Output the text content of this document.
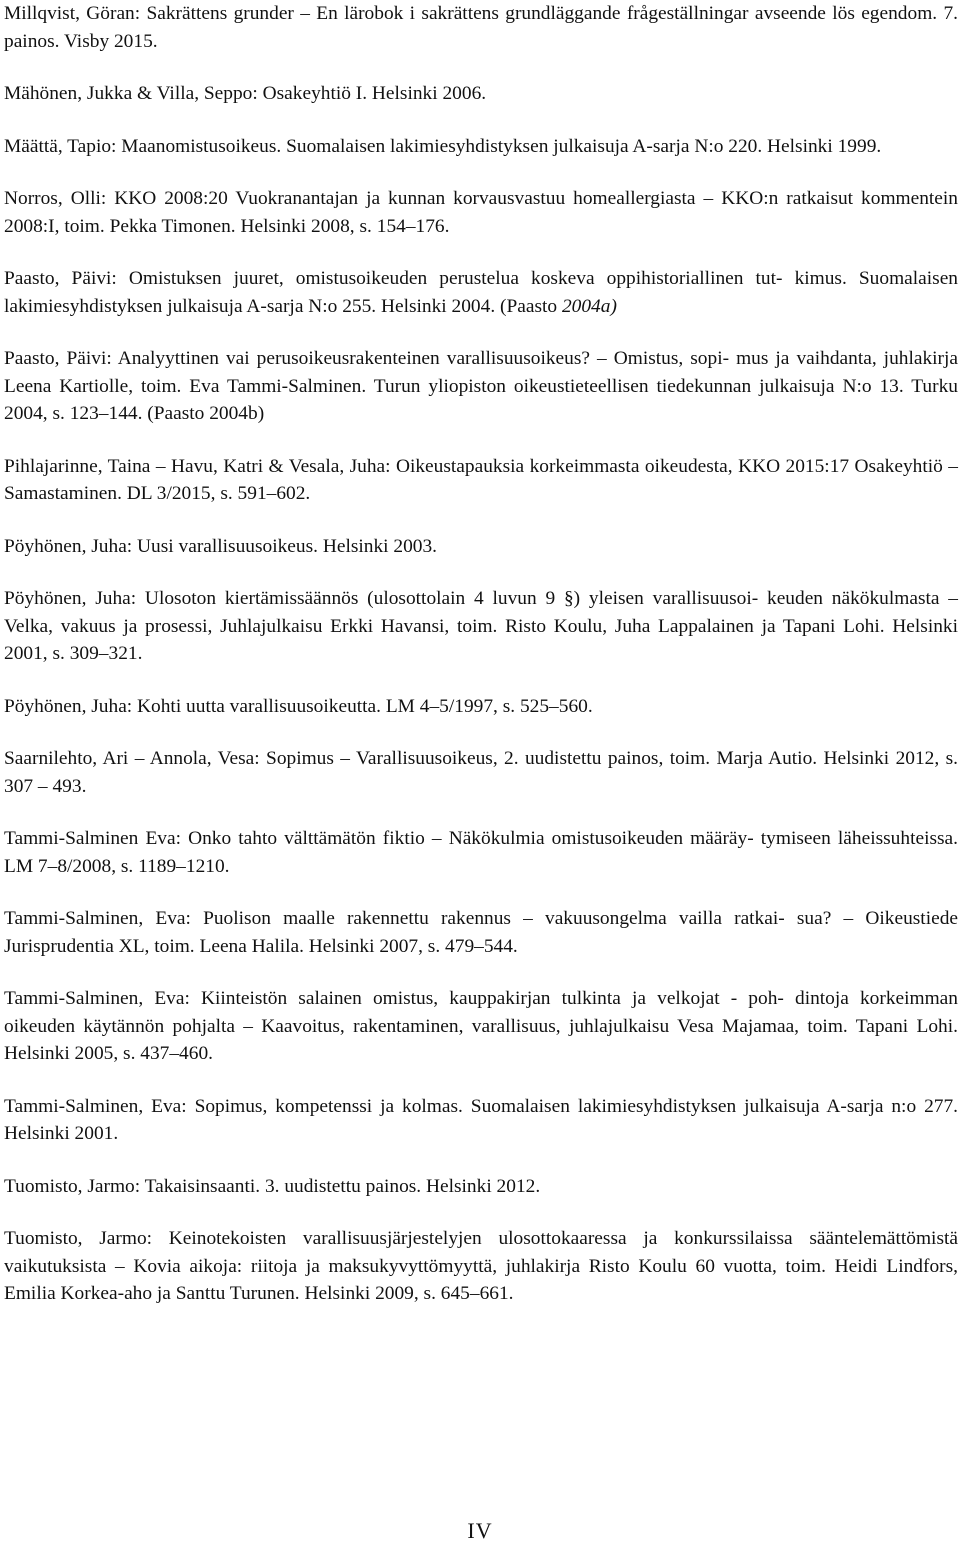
Millqvist, Göran: Sakrättens grunder – En lärobok i sakrättens grundläggande frågeställningar avseende lös egendom. 7. painos. Visby 2015.
Mähönen, Jukka & Villa, Seppo: Osakeyhtiö I. Helsinki 2006.
Määttä, Tapio: Maanomistusoikeus. Suomalaisen lakimiesyhdistyksen julkaisuja A-sarja N:o 220. Helsinki 1999.
Norros, Olli: KKO 2008:20 Vuokranantajan ja kunnan korvausvastuu homeallergiasta – KKO:n ratkaisut kommentein 2008:I, toim. Pekka Timonen. Helsinki 2008, s. 154–176.
Paasto, Päivi: Omistuksen juuret, omistusoikeuden perustelua koskeva oppihistoriallinen tut- kimus. Suomalaisen lakimiesyhdistyksen julkaisuja A-sarja N:o 255. Helsinki 2004. (Paasto 2004a)
Paasto, Päivi: Analyyttinen vai perusoikeusrakenteinen varallisuusoikeus? – Omistus, sopi- mus ja vaihdanta, juhlakirja Leena Kartiolle, toim. Eva Tammi-Salminen. Turun yliopiston oikeustieteellisen tiedekunnan julkaisuja N:o 13. Turku 2004, s. 123–144. (Paasto 2004b)
Pihlajarinne, Taina – Havu, Katri & Vesala, Juha: Oikeustapauksia korkeimmasta oikeudesta, KKO 2015:17 Osakeyhtiö – Samastaminen. DL 3/2015, s. 591–602.
Pöyhönen, Juha: Uusi varallisuusoikeus. Helsinki 2003.
Pöyhönen, Juha: Ulosoton kiertämissäännös (ulosottolain 4 luvun 9 §) yleisen varallisuusoi- keuden näkökulmasta – Velka, vakuus ja prosessi, Juhlajulkaisu Erkki Havansi, toim. Risto Koulu, Juha Lappalainen ja Tapani Lohi. Helsinki 2001, s. 309–321.
Pöyhönen, Juha: Kohti uutta varallisuusoikeutta. LM 4–5/1997, s. 525–560.
Saarnilehto, Ari – Annola, Vesa: Sopimus – Varallisuusoikeus, 2. uudistettu painos, toim. Marja Autio. Helsinki 2012, s. 307 – 493.
Tammi-Salminen Eva: Onko tahto välttämätön fiktio – Näkökulmia omistusoikeuden määräy- tymiseen läheissuhteissa. LM 7–8/2008, s. 1189–1210.
Tammi-Salminen, Eva: Puolison maalle rakennettu rakennus – vakuusongelma vailla ratkai- sua? – Oikeustiede Jurisprudentia XL, toim. Leena Halila. Helsinki 2007, s. 479–544.
Tammi-Salminen, Eva: Kiinteistön salainen omistus, kauppakirjan tulkinta ja velkojat - poh- dintoja korkeimman oikeuden käytännön pohjalta – Kaavoitus, rakentaminen, varallisuus, juhlajulkaisu Vesa Majamaa, toim. Tapani Lohi. Helsinki 2005, s. 437–460.
Tammi-Salminen, Eva: Sopimus, kompetenssi ja kolmas. Suomalaisen lakimiesyhdistyksen julkaisuja A-sarja n:o 277. Helsinki 2001.
Tuomisto, Jarmo: Takaisinsaanti. 3. uudistettu painos. Helsinki 2012.
Tuomisto, Jarmo: Keinotekoisten varallisuusjärjestelyjen ulosottokaaressa ja konkurssilaissa sääntelemättömistä vaikutuksista – Kovia aikoja: riitoja ja maksukyvyttömyyttä, juhlakirja Risto Koulu 60 vuotta, toim. Heidi Lindfors, Emilia Korkea-aho ja Santtu Turunen. Helsinki 2009, s. 645–661.
IV
